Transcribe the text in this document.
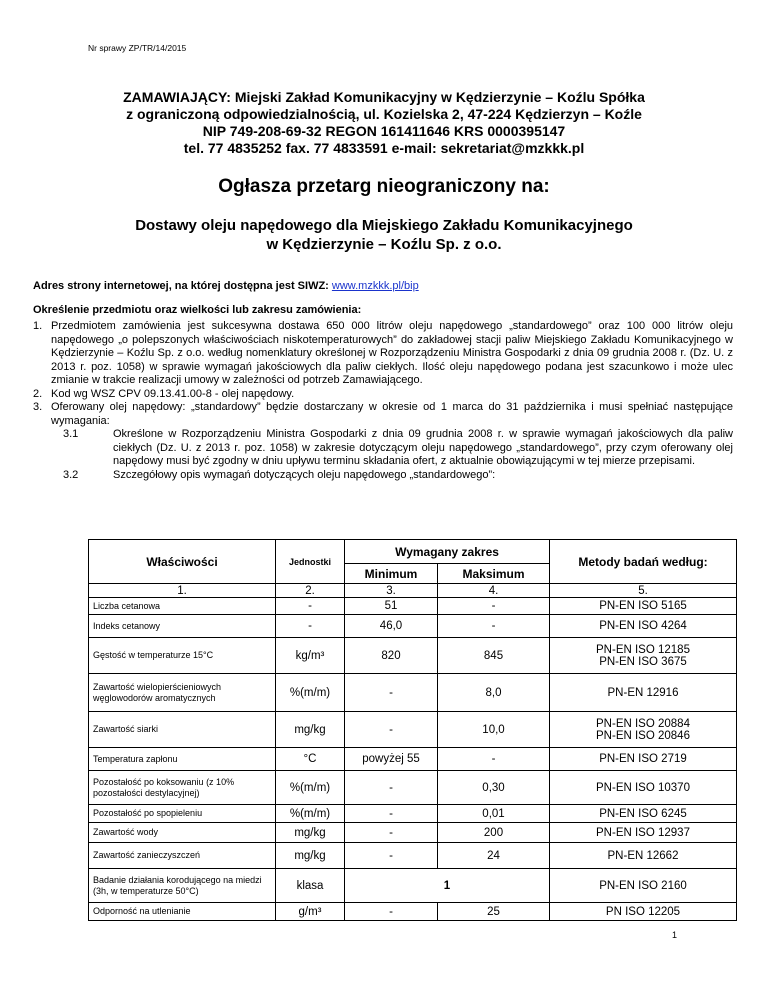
Nr sprawy ZP/TR/14/2015
ZAMAWIAJĄCY: Miejski Zakład Komunikacyjny w Kędzierzynie – Koźlu Spółka
z ograniczoną odpowiedzialnością, ul. Kozielska 2, 47-224 Kędzierzyn – Koźle
NIP 749-208-69-32 REGON 161411646 KRS 0000395147
tel. 77 4835252 fax. 77 4833591 e-mail: sekretariat@mzkkk.pl
Ogłasza przetarg nieograniczony na:
Dostawy oleju napędowego dla Miejskiego Zakładu Komunikacyjnego
w Kędzierzynie – Koźlu Sp. z o.o.
Adres strony internetowej, na której dostępna jest SIWZ: www.mzkkk.pl/bip
Określenie przedmiotu oraz wielkości lub zakresu zamówienia:
1. Przedmiotem zamówienia jest sukcesywna dostawa 650 000 litrów oleju napędowego „standardowego” oraz 100 000 litrów oleju napędowego „o polepszonych właściwościach niskotemperaturowych” do zakładowej stacji paliw Miejskiego Zakładu Komunikacyjnego w Kędzierzynie – Koźlu Sp. z o.o. według nomenklatury określonej w Rozporządzeniu Ministra Gospodarki z dnia 09 grudnia 2008 r. (Dz. U. z 2013 r. poz. 1058) w sprawie wymagań jakościowych dla paliw ciekłych. Ilość oleju napędowego podana jest szacunkowo i może ulec zmianie w trakcie realizacji umowy w zależności od potrzeb Zamawiającego.
2. Kod wg WSZ CPV 09.13.41.00-8 - olej napędowy.
3. Oferowany olej napędowy: „standardowy” będzie dostarczany w okresie od 1 marca do 31 października i musi spełniać następujące wymagania:
3.1	Określone w Rozporządzeniu Ministra Gospodarki z dnia 09 grudnia 2008 r. w sprawie wymagań jakościowych dla paliw ciekłych (Dz. U. z 2013 r. poz. 1058) w zakresie dotyczącym oleju napędowego „standardowego”, przy czym oferowany olej napędowy musi być zgodny w dniu upływu terminu składania ofert, z aktualnie obowiązującymi w tej mierze przepisami.
3.2	Szczegółowy opis wymagań dotyczących oleju napędowego „standardowego”:
Właściwości	Jednostki	Wymagany zakres		Metody badań według:
		Minimum	Maksimum	
1.	2.	3.	4.	5.
Liczba cetanowa	-	51	-	PN-EN ISO 5165
Indeks cetanowy	-	46,0	-	PN-EN ISO 4264
Gęstość w temperaturze 15°C	kg/m³	820	845	PN-EN ISO 12185
PN-EN ISO 3675

Zawartość wielopierścieniowych węglowodorów aromatycznych	%(m/m)	-	8,0	PN-EN 12916
Zawartość siarki	mg/kg	-	10,0	PN-EN ISO 20884
PN-EN ISO 20846

Temperatura zapłonu	°C	powyżej 55	-	PN-EN ISO 2719
Pozostałość po koksowaniu (z 10% pozostałości destylacyjnej)	%(m/m)	-	0,30	PN-EN ISO 10370
Pozostałość po spopieleniu	%(m/m)	-	0,01	PN-EN ISO 6245
Zawartość wody	mg/kg	-	200	PN-EN ISO 12937
Zawartość zanieczyszczeń	mg/kg	-	24	PN-EN 12662
Badanie działania korodującego na miedzi (3h, w temperaturze 50°C)	klasa	1		PN-EN ISO 2160
Odporność na utlenianie	g/m³	-	25	PN ISO 12205
1
